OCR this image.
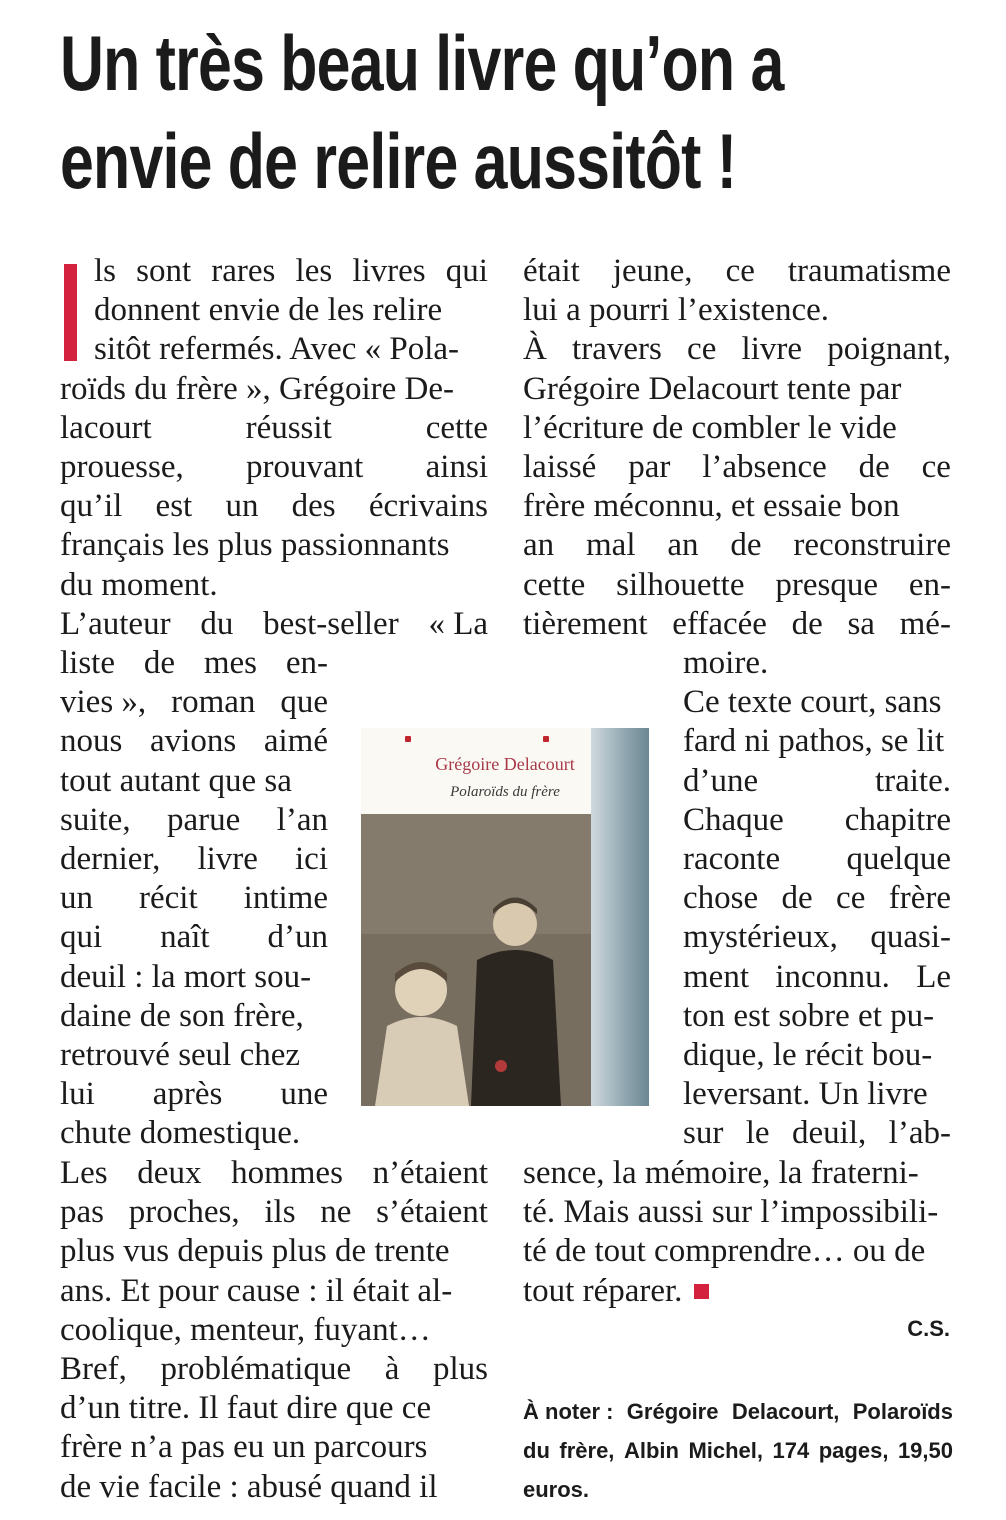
Un très beau livre qu’on a
envie de relire aussitôt !
ls sont rares les livres qui
donnent envie de les relire
sitôt refermés. Avec « Pola-
roïds du frère », Grégoire De-
lacourt	réussit	cette
prouesse, prouvant ainsi
qu’il est un des écrivains
français les plus passionnants
du moment.
L’auteur du best-seller « La
liste de mes en-
vies », roman que
nous avions aimé
tout autant que sa
suite, parue l’an
dernier, livre ici
un récit intime
qui naît d’un
deuil : la mort sou-
daine de son frère,
retrouvé seul chez
lui après une
chute domestique.
Les deux hommes n’étaient
pas proches, ils ne s’étaient
plus vus depuis plus de trente
ans. Et pour cause : il était al-
coolique, menteur, fuyant…
Bref, problématique à plus
d’un titre. Il faut dire que ce
frère n’a pas eu un parcours
de vie facile : abusé quand il
était jeune, ce traumatisme
lui a pourri l’existence.
À travers ce livre poignant,
Grégoire Delacourt tente par
l’écriture de combler le vide
laissé par l’absence de ce
frère méconnu, et essaie bon
an mal an de reconstruire
cette silhouette presque en-
tièrement effacée de sa mé-
moire.
Ce texte court, sans
fard ni pathos, se lit
d’une	traite.
Chaque chapitre
raconte quelque
chose de ce frère
mystérieux, quasi-
ment inconnu. Le
ton est sobre et pu-
dique, le récit bou-
leversant. Un livre
sur le deuil, l’ab-
sence, la mémoire, la fraterni-
té. Mais aussi sur l’impossibili-
té de tout comprendre… ou de
tout réparer.
C.S.
À noter : Grégoire Delacourt, Polaroïds
du frère, Albin Michel, 174 pages, 19,50
euros.
Grégoire Delacourt
Polaroïds du frère
